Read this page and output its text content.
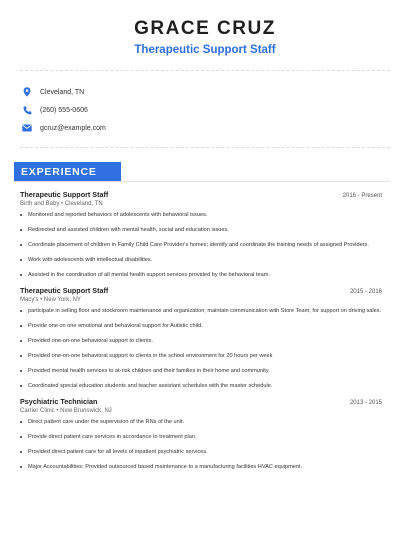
GRACE CRUZ
Therapeutic Support Staff
Cleveland, TN
(260) 555-0606
gcruz@example.com
EXPERIENCE
Therapeutic Support Staff	2016 - Present
Birth and Baby • Cleveland, TN
Monitored and reported behaviors of adolescents with behavioral issues.
Redirected and assisted children with mental health, social and education issues.
Coordinate placement of children in Family Child Care Provider's homes; identify and coordinate the training needs of assigned Providers.
Work with adolescents with intellectual disabilities.
Assisted in the coordination of all mental health support services provided by the behavioral team.
Therapeutic Support Staff	2015 - 2016
Macy's • New York, NY
participate in selling floor and stockroom maintenance and organization; maintain communication with Store Team, for support on driving sales.
Provide one on one emotional and behavioral support for Autistic child.
Provided one-on-one behavioral support to clients.
Provided one-on-one behavioral support to clients in the school environment for 20 hours per week
Provided mental health services to at-risk children and their families in their home and community.
Coordinated special education students and teacher assistant schedules with the master schedule.
Psychiatric Technician	2013 - 2015
Carrier Clinic • New Brunswick, NJ
Direct patient care under the supervision of the RNs of the unit.
Provide direct patient care services in accordance to treatment plan.
Provided direct patient care for all levels of inpatient psychiatric services.
Major Accountabilities: Provided outsourced based maintenance to a manufacturing facilities HVAC equipment.
